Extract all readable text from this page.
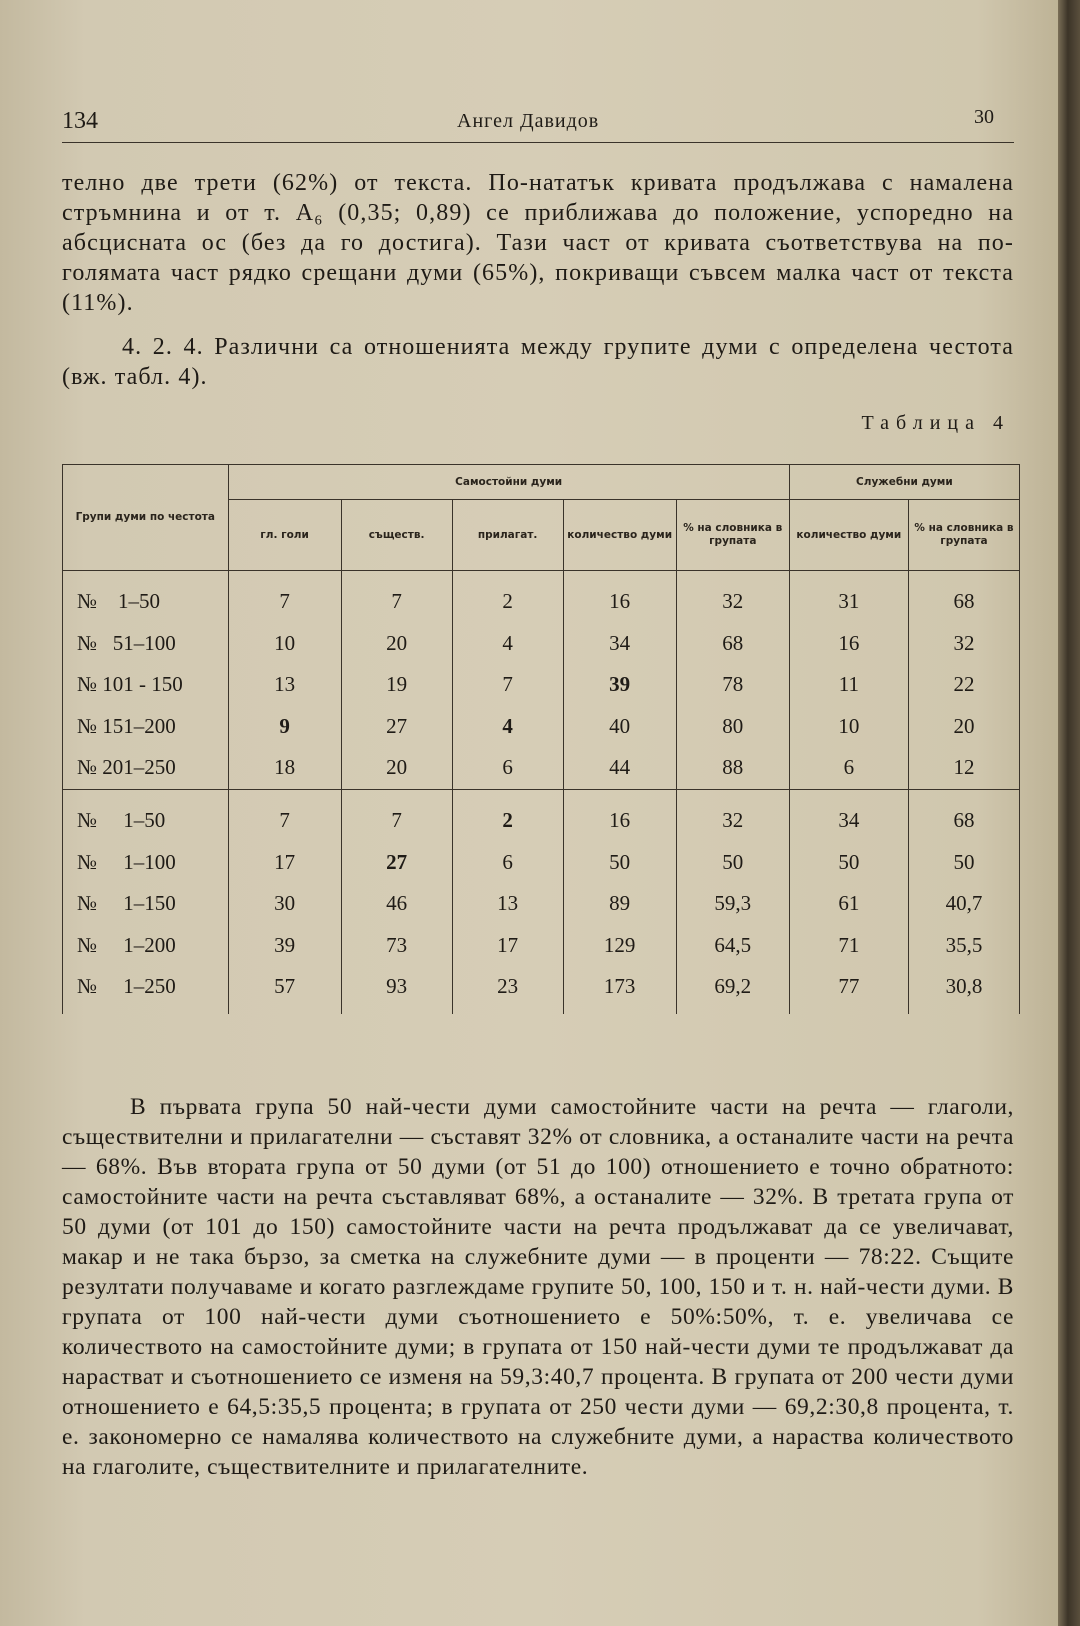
134	Ангел Давидов	30

телно две трети (62%) от текста. По-нататък кривата продължава с намалена стръмнина и от т. А₆ (0,35; 0,89) се приближава до положение, успоредно на абсцисната ос (без да го достига). Тази част от кривата съответствува на по-голямата част рядко срещани думи (65%), покриващи съвсем малка част от текста (11%).

4. 2. 4. Различни са отношенията между групите думи с определена честота (вж. табл. 4).

Таблица 4
Групи думи по честота	Самостойни думи					Служебни думи	
	гл. голи	съществ.	прилагат.	количество думи	% на словника в групата	количество думи	% на словника в групата

№    1–50	7	7	2	16	32	31	68
№   51–100	10	20	4	34	68	16	32
№ 101 - 150	13	19	7	39	78	11	22
№ 151–200	9	27	4	40	80	10	20
№ 201–250	18	20	6	44	88	6	12

№     1–50	7	7	2	16	32	34	68
№     1–100	17	27	6	50	50	50	50
№     1–150	30	46	13	89	59,3	61	40,7
№     1–200	39	73	17	129	64,5	71	35,5
№     1–250	57	93	23	173	69,2	77	30,8

В първата група 50 най-чести думи самостойните части на речта — глаголи, съществителни и прилагателни — съставят 32% от словника, а останалите части на речта — 68%. Във втората група от 50 думи (от 51 до 100) отношението е точно обратното: самостойните части на речта съставляват 68%, а останалите — 32%. В третата група от 50 думи (от 101 до 150) самостойните части на речта продължават да се увеличават, макар и не така бързо, за сметка на служебните думи — в проценти — 78:22. Същите резултати получаваме и когато разглеждаме групите 50, 100, 150 и т. н. най-чести думи. В групата от 100 най-чести думи съотношението е 50%:50%, т. е. увеличава се количеството на самостойните думи; в групата от 150 най-чести думи те продължават да нарастват и съотношението се изменя на 59,3:40,7 процента. В групата от 200 чести думи отношението е 64,5:35,5 процента; в групата от 250 чести думи — 69,2:30,8 процента, т. е. закономерно се намалява количеството на служебните думи, а нараства количеството на глаголите, съществителните и прилагателните.
